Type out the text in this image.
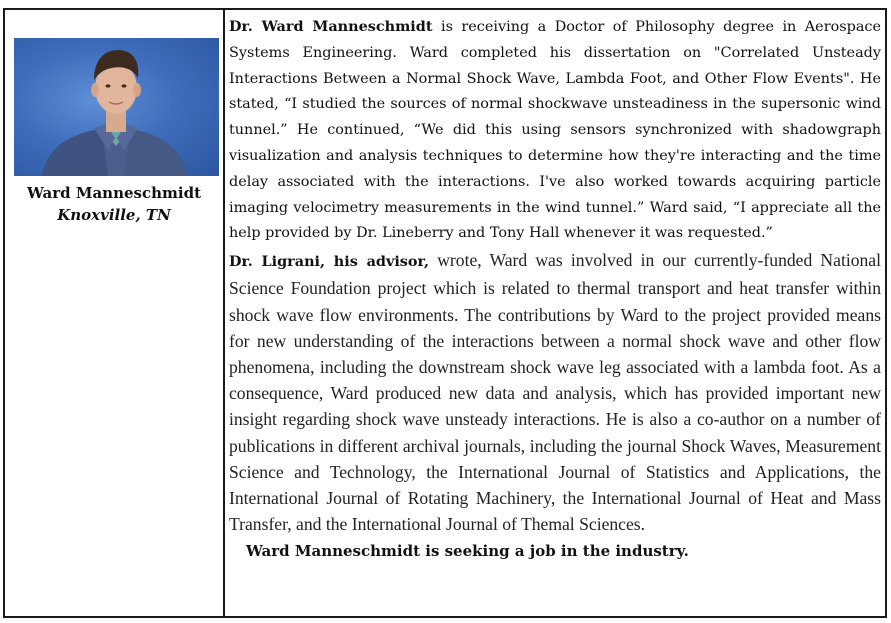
Ward Manneschmidt
Knoxville, TN

Dr. Ward Manneschmidt is receiving a Doctor of Philosophy degree in Aerospace Systems Engineering. Ward completed his dissertation on "Correlated Unsteady Interactions Between a Normal Shock Wave, Lambda Foot, and Other Flow Events". He stated, “I studied the sources of normal shockwave unsteadiness in the supersonic wind tunnel.” He continued, “We did this using sensors synchronized with shadowgraph visualization and analysis techniques to determine how they're interacting and the time delay associated with the interactions. I've also worked towards acquiring particle imaging velocimetry measurements in the wind tunnel.” Ward said, “I appreciate all the help provided by Dr. Lineberry and Tony Hall whenever it was requested.”

Dr. Ligrani, his advisor, wrote, Ward was involved in our currently-funded National Science Foundation project which is related to thermal transport and heat transfer within shock wave flow environments. The contributions by Ward to the project provided means for new understanding of the interactions between a normal shock wave and other flow phenomena, including the downstream shock wave leg associated with a lambda foot. As a consequence, Ward produced new data and analysis, which has provided important new insight regarding shock wave unsteady interactions. He is also a co-author on a number of publications in different archival journals, including the journal Shock Waves, Measurement Science and Technology, the International Journal of Statistics and Applications, the International Journal of Rotating Machinery, the International Journal of Heat and Mass Transfer, and the International Journal of Themal Sciences.

Ward Manneschmidt is seeking a job in the industry.
